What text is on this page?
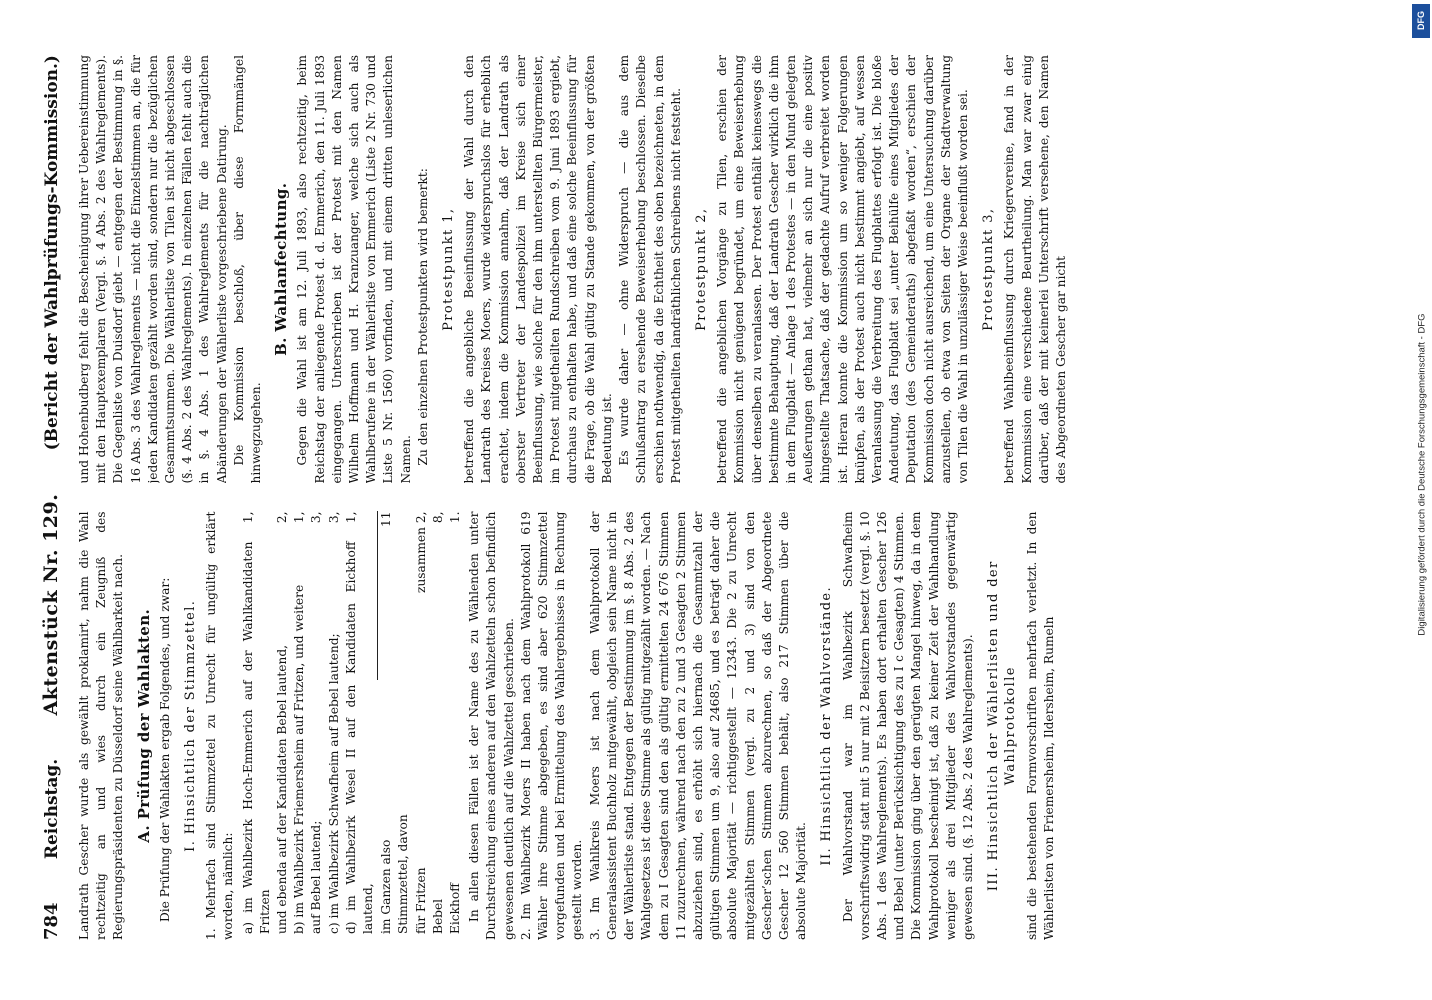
784
Reichstag.
Aktenstück Nr. 129.
(Bericht der Wahlprüfungs-Kommission.)

Landrath Gescher wurde als gewählt proklamirt, nahm die Wahl rechtzeitig an und wies durch ein Zeugniß des Regierungspräsidenten zu Düsseldorf seine Wählbarkeit nach. A. Prüfung der Wahlakten. Die Prüfung der Wahlakten ergab Folgendes, und zwar: I. Hinsichtlich der Stimmzettel. 1. Mehrfach sind Stimmzettel zu Unrecht für ungültig erklärt worden, nämlich: a) im Wahlbezirk Hoch-Emmerich auf der Wahlkandidaten Fritzen
1,
und ebenda auf der Kandidaten Bebel lautend,
2,
b) im Wahlbezirk Friemersheim auf Fritzen, und weitere
1,
auf Bebel lautend;
3,
c) im Wahlbezirk Schwafheim auf Bebel lautend;
3,
d) im Wahlbezirk Wesel II auf den Kandidaten Eickhoff lautend,
1,
im Ganzen also
11
Stimmzettel, davon für Fritzen
zusammen 2,
Bebel
8,
Eickhoff
1. In allen diesen Fällen ist der Name des zu Wählenden unter Durchstreichung eines anderen auf den Wahlzetteln schon befindlich gewesenen deutlich auf die Wahlzettel geschrieben. 2. Im Wahlbezirk Moers II haben nach dem Wahlprotokoll 619 Wähler ihre Stimme abgegeben, es sind aber 620 Stimmzettel vorgefunden und bei Ermittelung des Wahlergebnisses in Rechnung gestellt worden. 3. Im Wahlkreis Moers ist nach dem Wahlprotokoll der Generalassistent Buchholz mitgewählt, obgleich sein Name nicht in der Wählerliste stand. Entgegen der Bestimmung im §. 8 Abs. 2 des Wahlgesetzes ist diese Stimme als gültig mitgezählt worden. — Nach dem zu I Gesagten sind den als gültig ermittelten 24 676 Stimmen 11 zuzurechnen, während nach den zu 2 und 3 Gesagten 2 Stimmen abzuziehen sind, es erhöht sich hiernach die Gesammtzahl der gültigen Stimmen um 9, also auf 24685, und es beträgt daher die absolute Majorität — richtiggestellt — 12343. Die 2 zu Unrecht mitgezählten Stimmen (vergl. zu 2 und 3) sind von den Gescher’schen Stimmen abzurechnen, so daß der Abgeordnete Gescher 12 560 Stimmen behält, also 217 Stimmen über die absolute Majorität.

II. Hinsichtlich der Wahlvorstände. Der Wahlvorstand war im Wahlbezirk Schwafheim vorschriftswidrig statt mit 5 nur mit 2 Beisitzern besetzt (vergl. §. 10 Abs. 1 des Wahlreglements). Es haben dort erhalten Gescher 126 und Bebel (unter Berücksichtigung des zu I c Gesagten) 4 Stimmen. Die Kommission ging über den gerügten Mangel hinweg, da in dem Wahlprotokoll bescheinigt ist, daß zu keiner Zeit der Wahlhandlung weniger als drei Mitglieder des Wahlvorstandes gegenwärtig gewesen sind. (§. 12 Abs. 2 des Wahlreglements). III. Hinsichtlich der Wählerlisten und der Wahlprotokolle sind die bestehenden Formvorschriften mehrfach verletzt. In den Wählerlisten von Friemersheim, Ildersheim, Rumeln

und Hohenbudberg fehlt die Bescheinigung ihrer Uebereinstimmung mit den Hauptexemplaren (Vergl. §. 4 Abs. 2 des Wahlreglements). Die Gegenliste von Duisdorf giebt — entgegen der Bestimmung in §. 16 Abs. 3 des Wahlreglements — nicht die Einzelstimmen an, die für jeden Kandidaten gezählt worden sind, sondern nur die bezüglichen Gesammtsummen. Die Wählerliste von Tilen ist nicht abgeschlossen (§. 4 Abs. 2 des Wahlreglements). In einzelnen Fällen fehlt auch die in §. 4 Abs. 1 des Wahlreglements für die nachträglichen Abänderungen der Wählerliste vorgeschriebene Datirung. Die Kommission beschloß, über diese Formmängel hinwegzugehen.

B. Wahlanfechtung. Gegen die Wahl ist am 12. Juli 1893, also rechtzeitig, beim Reichstag der anliegende Protest d. d. Emmerich, den 11. Juli 1893 eingegangen. Unterschrieben ist der Protest mit den Namen Wilhelm Hoffmann und H. Kranzuanger, welche sich auch als Wahlberufene in der Wählerliste von Emmerich (Liste 2 Nr. 730 und Liste 5 Nr. 1560) vorfinden, und mit einem dritten unleserlichen Namen. Zu den einzelnen Protestpunkten wird bemerkt: Protestpunkt 1, betreffend die angebliche Beeinflussung der Wahl durch den Landrath des Kreises Moers, wurde widerspruchslos für erheblich erachtet, indem die Kommission annahm, daß der Landrath als oberster Vertreter der Landespolizei im Kreise sich einer Beeinflussung, wie solche für den ihm unterstellten Bürgermeister, im Protest mitgetheilten Rundschreiben vom 9. Juni 1893 ergiebt, durchaus zu enthalten habe, und daß eine solche Beeinflussung für die Frage, ob die Wahl gültig zu Stande gekommen, von der größten Bedeutung ist. Es wurde daher — ohne Widerspruch — die aus dem Schlußantrag zu ersehende Beweiserhebung beschlossen. Dieselbe erschien nothwendig, da die Echtheit des oben bezeichneten, in dem Protest mitgetheilten landräthlichen Schreibens nicht feststeht. Protestpunkt 2, betreffend die angeblichen Vorgänge zu Tilen, erschien der Kommission nicht genügend begründet, um eine Beweiserhebung über denselben zu veranlassen. Der Protest enthält keineswegs die bestimmte Behauptung, daß der Landrath Gescher wirklich die ihm in dem Flugblatt — Anlage 1 des Protestes — in den Mund gelegten Aeußerungen gethan hat, vielmehr an sich nur die eine positiv hingestellte Thatsache, daß der gedachte Aufruf verbreitet worden ist. Hieran konnte die Kommission um so weniger Folgerungen knüpfen, als der Protest auch nicht bestimmt angiebt, auf wessen Veranlassung die Verbreitung des Flugblattes erfolgt ist. Die bloße Andeutung, das Flugblatt sei „unter Beihülfe eines Mitgliedes der Deputation (des Gemeinderaths) abgefaßt worden“, erschien der Kommission doch nicht ausreichend, um eine Untersuchung darüber anzustellen, ob etwa von Seiten der Organe der Stadtverwaltung von Tilen die Wahl in unzulässiger Weise beeinflußt worden sei. Protestpunkt 3, betreffend Wahlbeeinflussung durch Kriegervereine, fand in der Kommission eine verschiedene Beurtheilung. Man war zwar einig darüber, daß der mit keinerlei Unterschrift versehene, den Namen des Abgeordneten Gescher gar nicht

DFG
Digitalisierung gefördert durch die Deutsche Forschungsgemeinschaft - DFG
